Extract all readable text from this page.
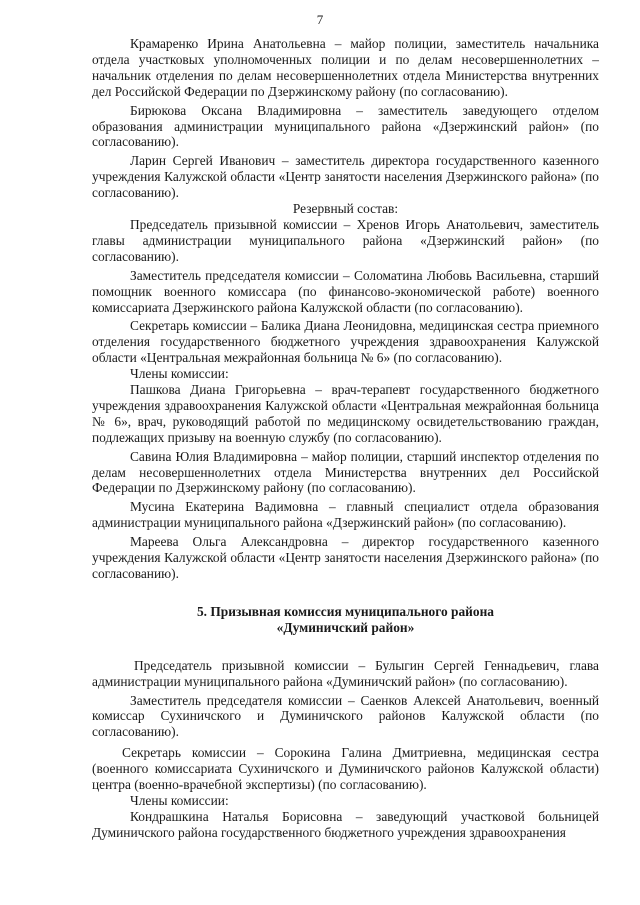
7

Крамаренко Ирина Анатольевна – майор полиции, заместитель начальника отдела участковых уполномоченных полиции и по делам несовершеннолетних – начальник отделения по делам несовершеннолетних отдела Министерства внутренних дел Российской Федерации по Дзержинскому району (по согласованию).

Бирюкова Оксана Владимировна – заместитель заведующего отделом образования администрации муниципального района «Дзержинский район» (по согласованию).

Ларин Сергей Иванович – заместитель директора государственного казенного учреждения Калужской области «Центр занятости населения Дзержинского района» (по согласованию).

Резервный состав:

Председатель призывной комиссии – Хренов Игорь Анатольевич, заместитель главы администрации муниципального района «Дзержинский район» (по согласованию).

Заместитель председателя комиссии – Соломатина Любовь Васильевна, старший помощник военного комиссара (по финансово-экономической работе) военного комиссариата Дзержинского района Калужской области (по согласованию).

Секретарь комиссии – Балика Диана Леонидовна, медицинская сестра приемного отделения государственного бюджетного учреждения здравоохранения Калужской области «Центральная межрайонная больница № 6» (по согласованию).

Члены комиссии:

Пашкова Диана Григорьевна – врач-терапевт государственного бюджетного учреждения здравоохранения Калужской области «Центральная межрайонная больница № 6», врач, руководящий работой по медицинскому освидетельствованию граждан, подлежащих призыву на военную службу (по согласованию).

Савина Юлия Владимировна – майор полиции, старший инспектор отделения по делам несовершеннолетних отдела Министерства внутренних дел Российской Федерации по Дзержинскому району (по согласованию).

Мусина Екатерина Вадимовна – главный специалист отдела образования администрации муниципального района «Дзержинский район» (по согласованию).

Мареева Ольга Александровна – директор государственного казенного учреждения Калужской области «Центр занятости населения Дзержинского района» (по согласованию).

5. Призывная комиссия муниципального района

«Думиничский район»

Председатель призывной комиссии – Булыгин Сергей Геннадьевич, глава администрации муниципального района «Думиничский район» (по согласованию).

Заместитель председателя комиссии – Саенков Алексей Анатольевич, военный комиссар Сухиничского и Думиничского районов Калужской области (по согласованию).

Секретарь комиссии – Сорокина Галина Дмитриевна, медицинская сестра (военного комиссариата Сухиничского и Думиничского районов Калужской области) центра (военно-врачебной экспертизы) (по согласованию).

Члены комиссии:

Кондрашкина Наталья Борисовна – заведующий участковой больницей Думиничского района государственного бюджетного учреждения здравоохранения
